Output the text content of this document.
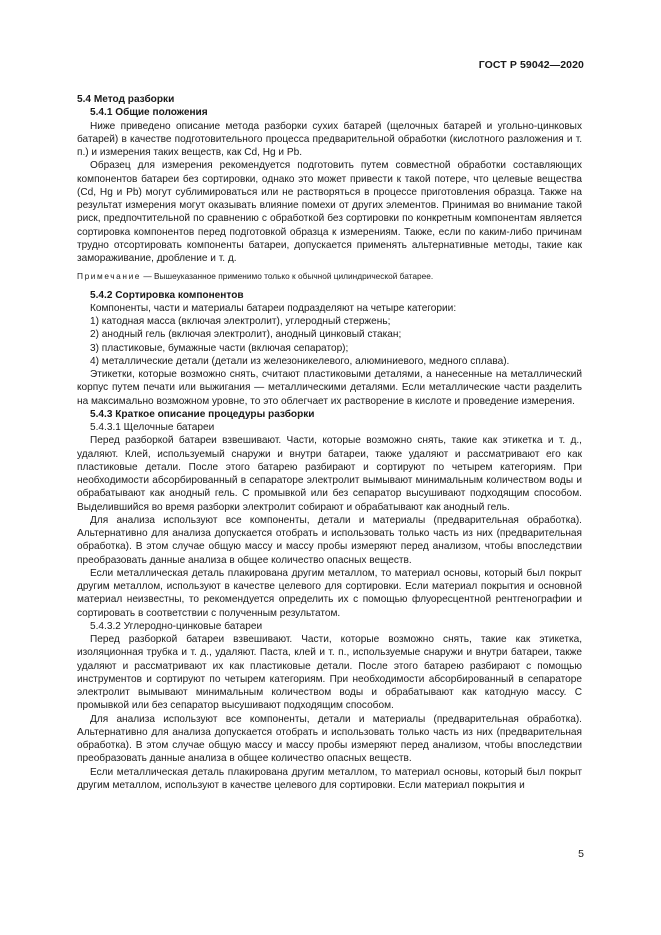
ГОСТ Р 59042—2020

5.4 Метод разборки

5.4.1 Общие положения

Ниже приведено описание метода разборки сухих батарей (щелочных батарей и угольно-цинковых батарей) в качестве подготовительного процесса предварительной обработки (кислотного разложения и т. п.) и измерения таких веществ, как Cd, Hg и Pb.

Образец для измерения рекомендуется подготовить путем совместной обработки составляющих компонентов батареи без сортировки, однако это может привести к такой потере, что целевые вещества (Cd, Hg и Pb) могут сублимироваться или не растворяться в процессе приготовления образца. Также на результат измерения могут оказывать влияние помехи от других элементов. Принимая во внимание такой риск, предпочтительной по сравнению с обработкой без сортировки по конкретным компонентам является сортировка компонентов перед подготовкой образца к измерениям. Также, если по каким-либо причинам трудно отсортировать компоненты батареи, допускается применять альтернативные методы, такие как замораживание, дробление и т. д.

Примечание — Вышеуказанное применимо только к обычной цилиндрической батарее.

5.4.2 Сортировка компонентов

Компоненты, части и материалы батареи подразделяют на четыре категории:

1) катодная масса (включая электролит), углеродный стержень;

2) анодный гель (включая электролит), анодный цинковый стакан;

3) пластиковые, бумажные части (включая сепаратор);

4) металлические детали (детали из железоникелевого, алюминиевого, медного сплава).

Этикетки, которые возможно снять, считают пластиковыми деталями, а нанесенные на металлический корпус путем печати или выжигания — металлическими деталями. Если металлические части разделить на максимально возможном уровне, то это облегчает их растворение в кислоте и проведение измерения.

5.4.3 Краткое описание процедуры разборки

5.4.3.1 Щелочные батареи

Перед разборкой батареи взвешивают. Части, которые возможно снять, такие как этикетка и т. д., удаляют. Клей, используемый снаружи и внутри батареи, также удаляют и рассматривают его как пластиковые детали. После этого батарею разбирают и сортируют по четырем категориям. При необходимости абсорбированный в сепараторе электролит вымывают минимальным количеством воды и обрабатывают как анодный гель. С промывкой или без сепаратор высушивают подходящим способом. Выделившийся во время разборки электролит собирают и обрабатывают как анодный гель.

Для анализа используют все компоненты, детали и материалы (предварительная обработка). Альтернативно для анализа допускается отобрать и использовать только часть из них (предварительная обработка). В этом случае общую массу и массу пробы измеряют перед анализом, чтобы впоследствии преобразовать данные анализа в общее количество опасных веществ.

Если металлическая деталь плакирована другим металлом, то материал основы, который был покрыт другим металлом, используют в качестве целевого для сортировки. Если материал покрытия и основной материал неизвестны, то рекомендуется определить их с помощью флуоресцентной рентгенографии и сортировать в соответствии с полученным результатом.

5.4.3.2 Углеродно-цинковые батареи

Перед разборкой батареи взвешивают. Части, которые возможно снять, такие как этикетка, изоляционная трубка и т. д., удаляют. Паста, клей и т. п., используемые снаружи и внутри батареи, также удаляют и рассматривают их как пластиковые детали. После этого батарею разбирают с помощью инструментов и сортируют по четырем категориям. При необходимости абсорбированный в сепараторе электролит вымывают минимальным количеством воды и обрабатывают как катодную массу. С промывкой или без сепаратор высушивают подходящим способом.

Для анализа используют все компоненты, детали и материалы (предварительная обработка). Альтернативно для анализа допускается отобрать и использовать только часть из них (предварительная обработка). В этом случае общую массу и массу пробы измеряют перед анализом, чтобы впоследствии преобразовать данные анализа в общее количество опасных веществ.

Если металлическая деталь плакирована другим металлом, то материал основы, который был покрыт другим металлом, используют в качестве целевого для сортировки. Если материал покрытия и

5
